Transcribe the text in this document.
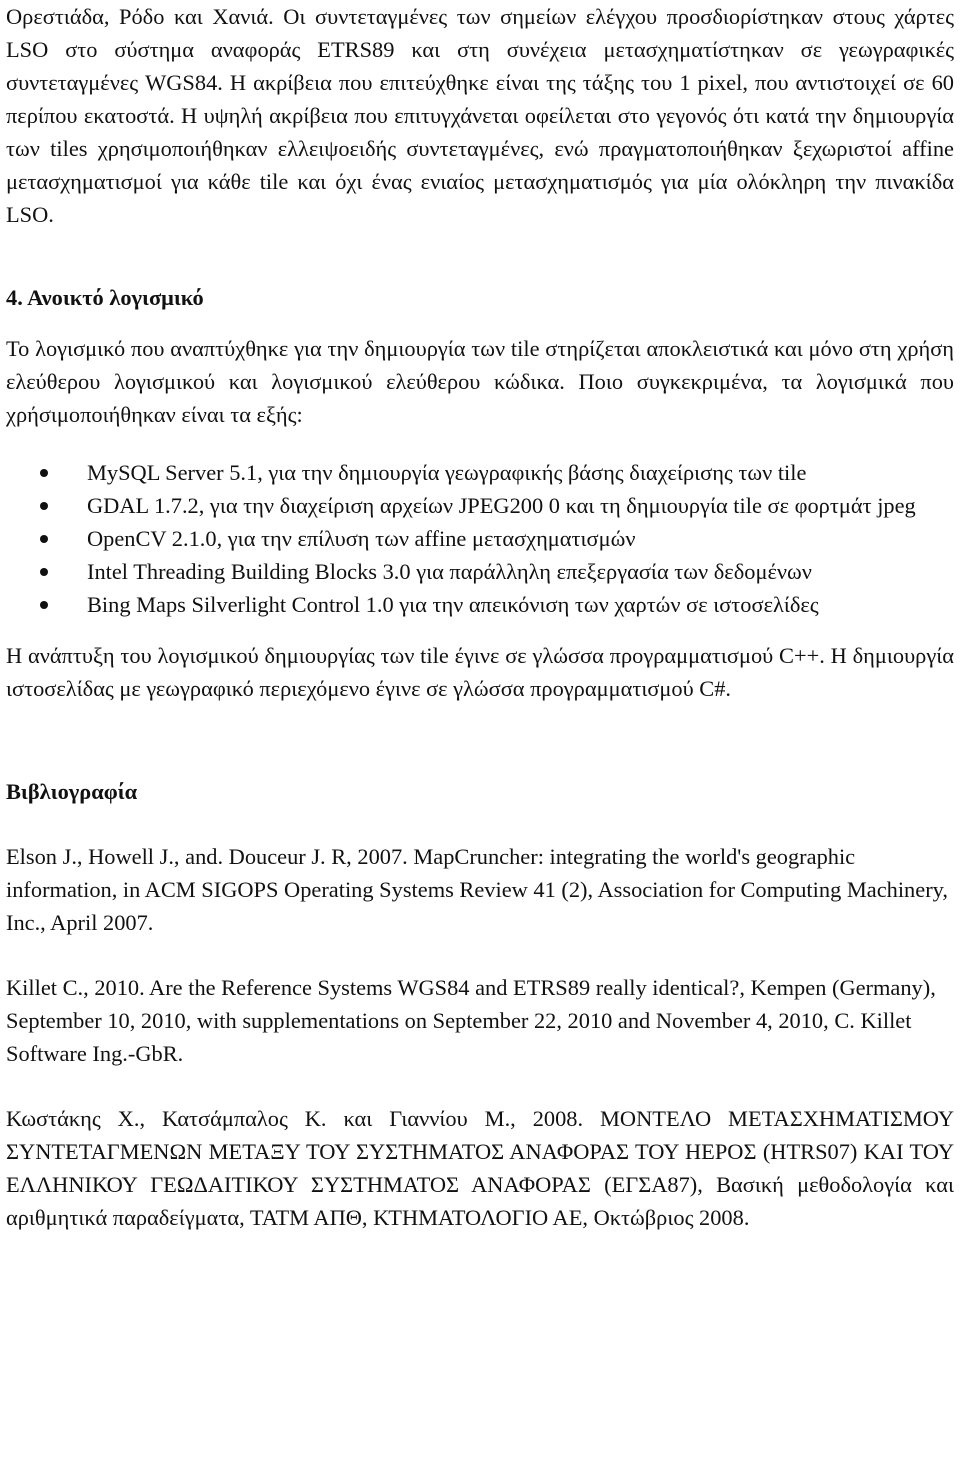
Ορεστιάδα, Ρόδο και Χανιά. Οι συντεταγμένες των σημείων ελέγχου προσδιορίστηκαν στους χάρτες LSO στο σύστημα αναφοράς ETRS89 και στη συνέχεια μετασχηματίστηκαν σε γεωγραφικές συντεταγμένες WGS84. Η ακρίβεια που επιτεύχθηκε είναι της τάξης του 1 pixel, που αντιστοιχεί σε 60 περίπου εκατοστά. Η υψηλή ακρίβεια που επιτυγχάνεται οφείλεται στο γεγονός ότι κατά την δημιουργία των tiles χρησιμοποιήθηκαν ελλειψοειδής συντεταγμένες, ενώ πραγματοποιήθηκαν ξεχωριστοί affine μετασχηματισμοί για κάθε tile και όχι ένας ενιαίος μετασχηματισμός για μία ολόκληρη την πινακίδα LSO.

4. Ανοικτό λογισμικό

Το λογισμικό που αναπτύχθηκε για την δημιουργία των tile στηρίζεται αποκλειστικά και μόνο στη χρήση ελεύθερου λογισμικού και λογισμικού ελεύθερου κώδικα. Ποιο συγκεκριμένα, τα λογισμικά που χρήσιμοποιήθηκαν είναι τα εξής:

MySQL Server 5.1, για την δημιουργία γεωγραφικής βάσης διαχείρισης των tile
GDAL 1.7.2, για την διαχείριση αρχείων JPEG200 0 και τη δημιουργία tile σε φορτμάτ jpeg
OpenCV 2.1.0, για την επίλυση των affine μετασχηματισμών
Intel Threading Building Blocks 3.0 για παράλληλη επεξεργασία των δεδομένων
Bing Maps Silverlight Control 1.0 για την απεικόνιση των χαρτών σε ιστοσελίδες

Η ανάπτυξη του λογισμικού δημιουργίας των tile έγινε σε γλώσσα προγραμματισμού C++. Η δημιουργία ιστοσελίδας με γεωγραφικό περιεχόμενο έγινε σε γλώσσα προγραμματισμού C#.

Βιβλιογραφία

Elson J., Howell J., and. Douceur J. R, 2007. MapCruncher: integrating the world's geographic information, in ACM SIGOPS Operating Systems Review 41 (2), Association for Computing Machinery, Inc., April 2007.

Killet C., 2010. Are the Reference Systems WGS84 and ETRS89 really identical?, Kempen (Germany), September 10, 2010, with supplementations on September 22, 2010 and November 4, 2010, C. Killet Software Ing.-GbR.

Κωστάκης Χ., Κατσάμπαλος Κ. και Γιαννίου Μ., 2008. ΜΟΝΤΕΛΟ ΜΕΤΑΣΧΗΜΑΤΙΣΜΟΥ ΣΥΝΤΕΤΑΓΜΕΝΩΝ ΜΕΤΑΞΥ ΤΟΥ ΣΥΣΤΗΜΑΤΟΣ ΑΝΑΦΟΡΑΣ ΤΟΥ ΗΕΡΟΣ (HTRS07) ΚΑΙ ΤΟΥ ΕΛΛΗΝΙΚΟΥ ΓΕΩΔΑΙΤΙΚΟΥ ΣΥΣΤΗΜΑΤΟΣ ΑΝΑΦΟΡΑΣ (ΕΓΣΑ87), Βασική μεθοδολογία και αριθμητικά παραδείγματα, ΤΑΤΜ ΑΠΘ, ΚΤΗΜΑΤΟΛΟΓΙΟ ΑΕ, Οκτώβριος 2008.
